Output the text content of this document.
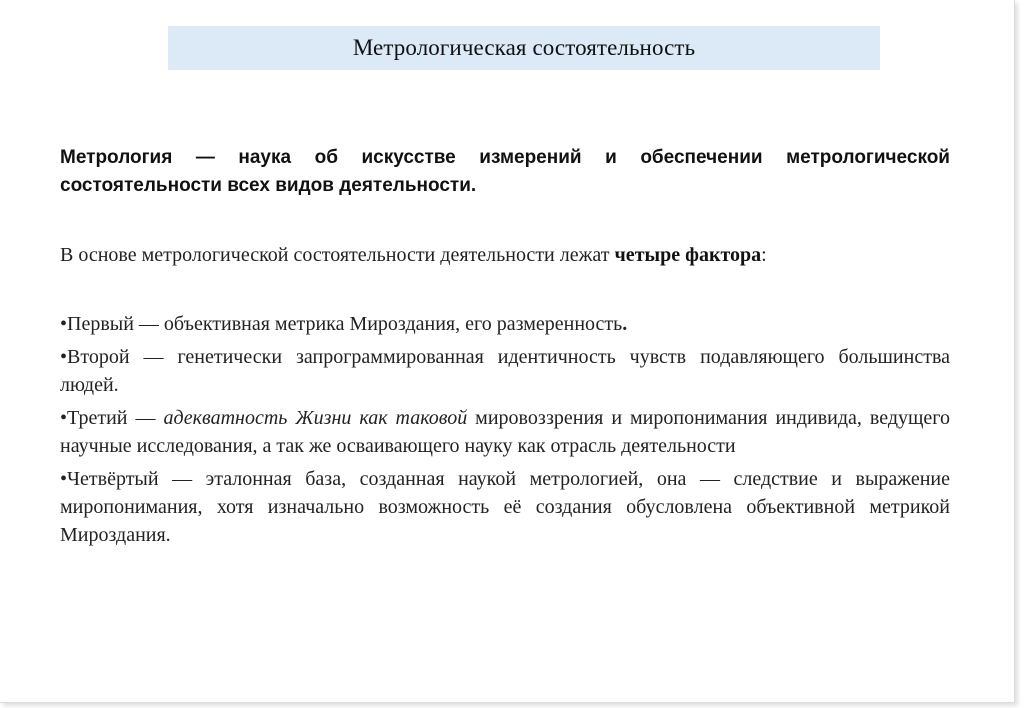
Метрологическая состоятельность

Метрология — наука об искусстве измерений и обеспечении метрологической состоятельности всех видов деятельности.

В основе метрологической состоятельности деятельности лежат четыре фактора:

•Первый — объективная метрика Мироздания, его размеренность.
•Второй — генетически запрограммированная идентичность чувств подавляющего большинства людей.
•Третий — адекватность Жизни как таковой мировоззрения и миропонимания индивида, ведущего научные исследования, а так же осваивающего науку как отрасль деятельности
•Четвёртый — эталонная база, созданная наукой метрологией, она — следствие и выражение миропонимания, хотя изначально возможность её создания обусловлена объективной метрикой Мироздания.
